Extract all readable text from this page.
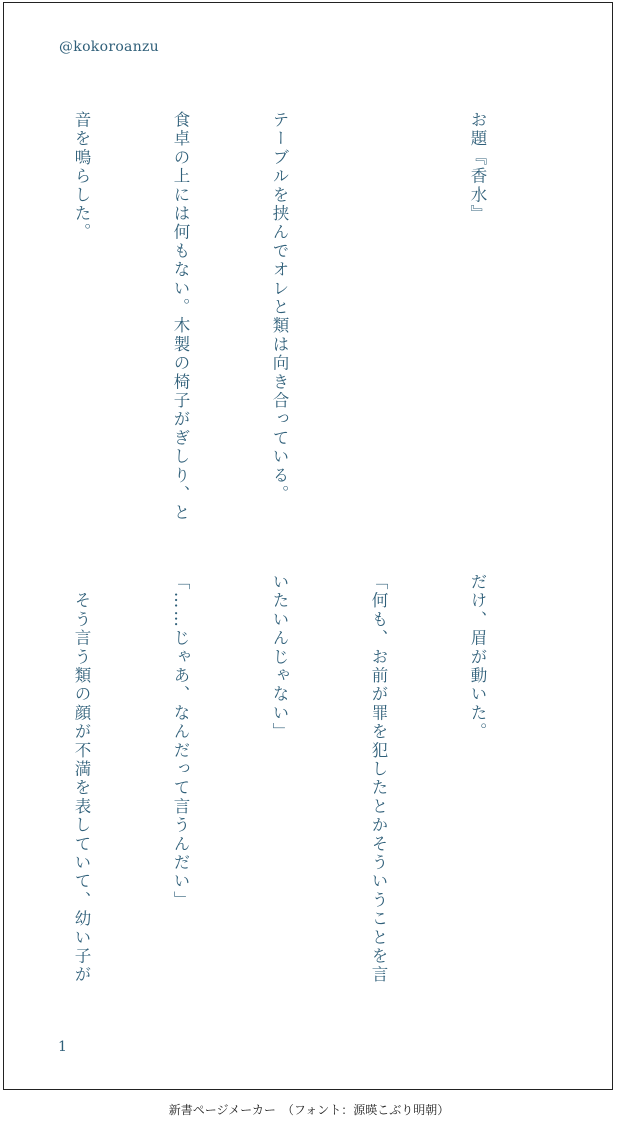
@kokoroanzu

お題『香水』

テーブルを挟んでオレと類は向き合っている。

食卓の上には何もない。木製の椅子がぎしり、と

音を鳴らした。

だけ、眉が動いた。

「何も、お前が罪を犯したとかそういうことを言

いたいんじゃない」

「……じゃあ、なんだって言うんだい」

　そう言う類の顔が不満を表していて、幼い子が

1
新書ページメーカー　（フォント：源暎こぶり明朝）
